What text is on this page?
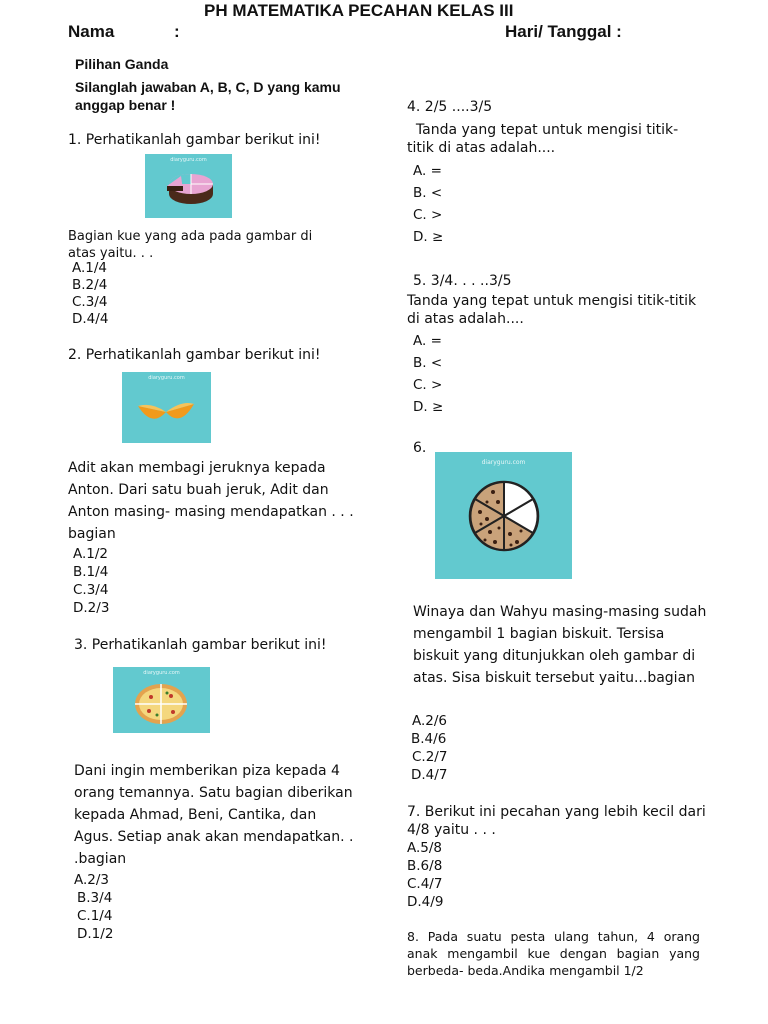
PH MATEMATIKA PECAHAN KELAS III
Nama	:	Hari/ Tanggal :
Pilihan Ganda
Silanglah jawaban A, B, C, D yang kamu
anggap benar !
1. Perhatikanlah gambar berikut ini!
diaryguru.com
Bagian kue yang ada pada gambar di atas yaitu. . .
A.1/4
B.2/4
C.3/4
D.4/4
2. Perhatikanlah gambar berikut ini!
diaryguru.com
Adit akan membagi jeruknya kepada Anton. Dari satu buah jeruk, Adit dan Anton masing- masing mendapatkan . . . bagian
A.1/2
B.1/4
C.3/4
D.2/3
3. Perhatikanlah gambar berikut ini!
diaryguru.com
Dani ingin memberikan piza kepada 4 orang temannya. Satu bagian diberikan kepada Ahmad, Beni, Cantika, dan Agus. Setiap anak akan mendapatkan. . .bagian
A.2/3
B.3/4
C.1/4
D.1/2
4. 2/5 ....3/5
Tanda yang tepat untuk mengisi titik-titik di atas adalah....
A. =
B. <
C. >
D. ≥
5. 3/4. . . ..3/5
Tanda yang tepat untuk mengisi titik-titik di atas adalah....
A. =
B. <
C. >
D. ≥
6.
diaryguru.com
Winaya dan Wahyu masing-masing sudah mengambil 1 bagian biskuit. Tersisa biskuit yang ditunjukkan oleh gambar di atas. Sisa biskuit tersebut yaitu...bagian
A.2/6
B.4/6
C.2/7
D.4/7
7. Berikut ini pecahan yang lebih kecil dari 4/8 yaitu . . .
A.5/8
B.6/8
C.4/7
D.4/9
8. Pada suatu pesta ulang tahun, 4 orang anak mengambil kue dengan bagian yang berbeda- beda.Andika mengambil 1/2
